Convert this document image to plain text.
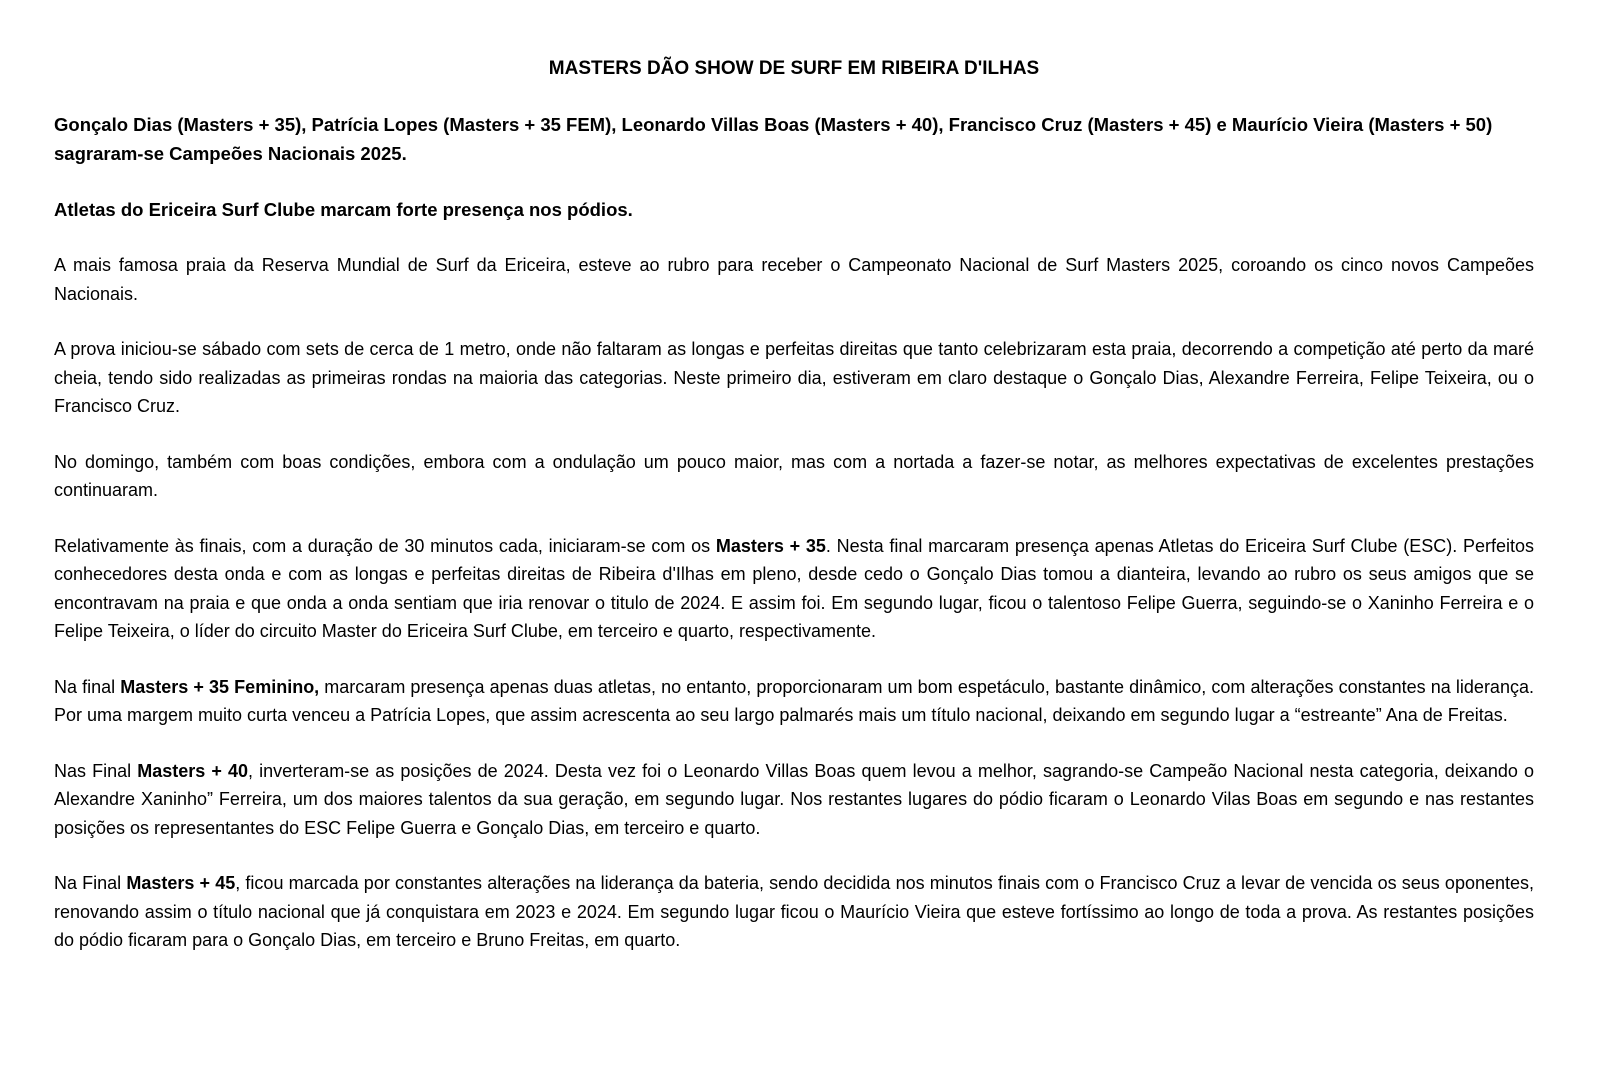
MASTERS DÃO SHOW DE SURF EM RIBEIRA D'ILHAS

Gonçalo Dias (Masters + 35), Patrícia Lopes (Masters + 35 FEM), Leonardo Villas Boas (Masters + 40), Francisco Cruz (Masters + 45) e Maurício Vieira (Masters + 50) sagraram-se Campeões Nacionais 2025.

Atletas do Ericeira Surf Clube marcam forte presença nos pódios.

A mais famosa praia da Reserva Mundial de Surf da Ericeira, esteve ao rubro para receber o Campeonato Nacional de Surf Masters 2025, coroando os cinco novos Campeões Nacionais.

A prova iniciou-se sábado com sets de cerca de 1 metro, onde não faltaram as longas e perfeitas direitas que tanto celebrizaram esta praia, decorrendo a competição até perto da maré cheia, tendo sido realizadas as primeiras rondas na maioria das categorias. Neste primeiro dia, estiveram em claro destaque o Gonçalo Dias, Alexandre Ferreira, Felipe Teixeira, ou o Francisco Cruz.

No domingo, também com boas condições, embora com a ondulação um pouco maior, mas com a nortada a fazer-se notar, as melhores expectativas de excelentes prestações continuaram.

Relativamente às finais, com a duração de 30 minutos cada, iniciaram-se com os Masters + 35. Nesta final marcaram presença apenas Atletas do Ericeira Surf Clube (ESC). Perfeitos conhecedores desta onda e com as longas e perfeitas direitas de Ribeira d'Ilhas em pleno, desde cedo o Gonçalo Dias tomou a dianteira, levando ao rubro os seus amigos que se encontravam na praia e que onda a onda sentiam que iria renovar o titulo de 2024. E assim foi. Em segundo lugar, ficou o talentoso Felipe Guerra, seguindo-se o Xaninho Ferreira e o Felipe Teixeira, o líder do circuito Master do Ericeira Surf Clube, em terceiro e quarto, respectivamente.

Na final Masters + 35 Feminino, marcaram presença apenas duas atletas, no entanto, proporcionaram um bom espetáculo, bastante dinâmico, com alterações constantes na liderança. Por uma margem muito curta venceu a Patrícia Lopes, que assim acrescenta ao seu largo palmarés mais um título nacional, deixando em segundo lugar a “estreante” Ana de Freitas.

Nas Final Masters + 40, inverteram-se as posições de 2024. Desta vez foi o Leonardo Villas Boas quem levou a melhor, sagrando-se Campeão Nacional nesta categoria, deixando o Alexandre Xaninho” Ferreira, um dos maiores talentos da sua geração, em segundo lugar. Nos restantes lugares do pódio ficaram o Leonardo Vilas Boas em segundo e nas restantes posições os representantes do ESC Felipe Guerra e Gonçalo Dias, em terceiro e quarto.

Na Final Masters + 45, ficou marcada por constantes alterações na liderança da bateria, sendo decidida nos minutos finais com o Francisco Cruz a levar de vencida os seus oponentes, renovando assim o título nacional que já conquistara em 2023 e 2024. Em segundo lugar ficou o Maurício Vieira que esteve fortíssimo ao longo de toda a prova. As restantes posições do pódio ficaram para o Gonçalo Dias, em terceiro e Bruno Freitas, em quarto.
